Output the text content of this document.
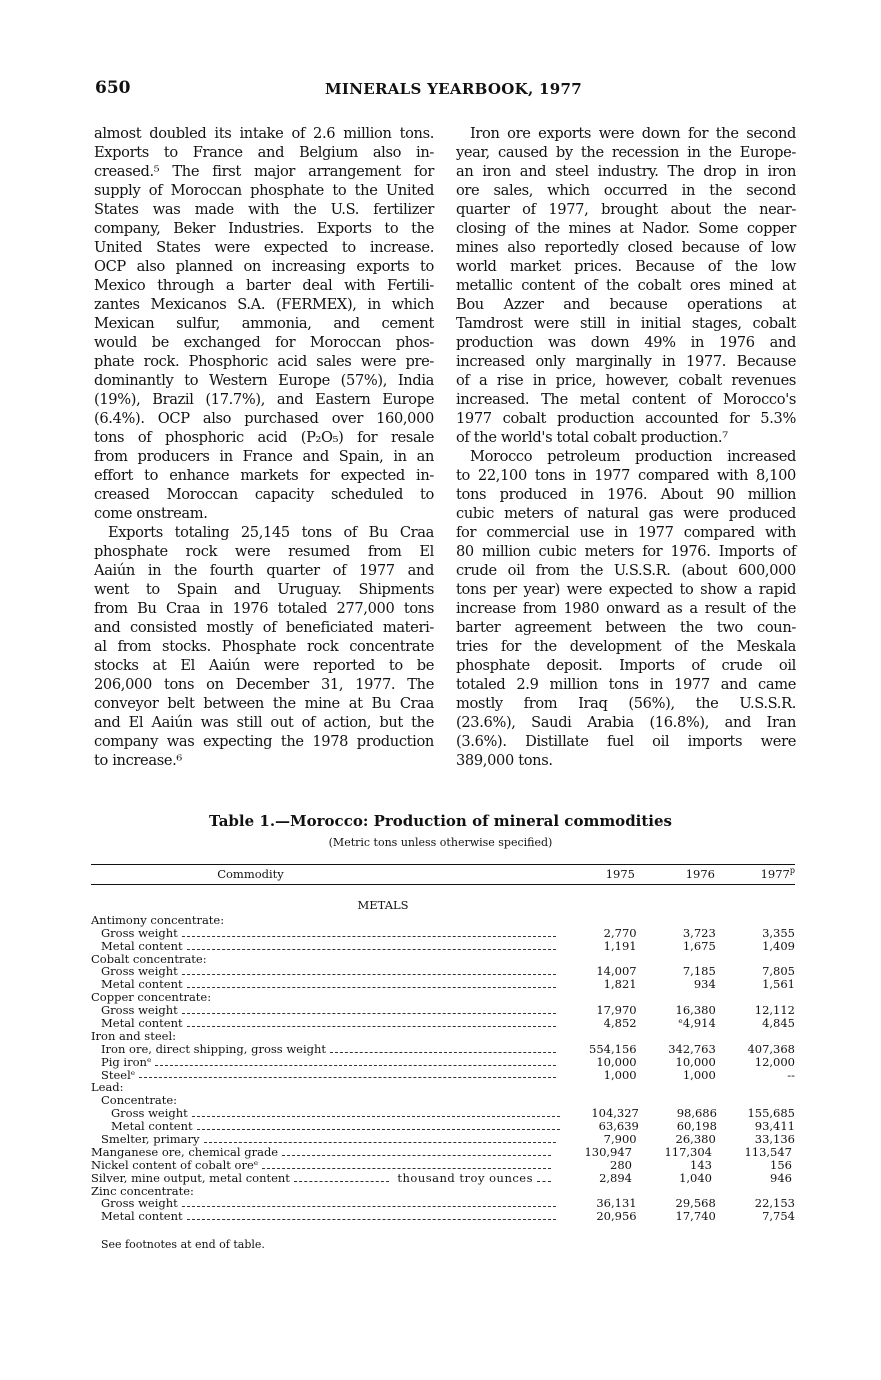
650	MINERALS YEARBOOK, 1977
almost doubled its intake of 2.6 million tons.
Exports to France and Belgium also in-
creased.⁵ The first major arrangement for
supply of Moroccan phosphate to the United
States was made with the U.S. fertilizer
company, Beker Industries. Exports to the
United States were expected to increase.
OCP also planned on increasing exports to
Mexico through a barter deal with Fertili-
zantes Mexicanos S.A. (FERMEX), in which
Mexican sulfur, ammonia, and cement
would be exchanged for Moroccan phos-
phate rock. Phosphoric acid sales were pre-
dominantly to Western Europe (57%), India
(19%), Brazil (17.7%), and Eastern Europe
(6.4%). OCP also purchased over 160,000
tons of phosphoric acid (P₂O₅) for resale
from producers in France and Spain, in an
effort to enhance markets for expected in-
creased Moroccan capacity scheduled to
come onstream.
Exports totaling 25,145 tons of Bu Craa
phosphate rock were resumed from El
Aaiún in the fourth quarter of 1977 and
went to Spain and Uruguay. Shipments
from Bu Craa in 1976 totaled 277,000 tons
and consisted mostly of beneficiated materi-
al from stocks. Phosphate rock concentrate
stocks at El Aaiún were reported to be
206,000 tons on December 31, 1977. The
conveyor belt between the mine at Bu Craa
and El Aaiún was still out of action, but the
company was expecting the 1978 production
to increase.⁶
Iron ore exports were down for the second
year, caused by the recession in the Europe-
an iron and steel industry. The drop in iron
ore sales, which occurred in the second
quarter of 1977, brought about the near-
closing of the mines at Nador. Some copper
mines also reportedly closed because of low
world market prices. Because of the low
metallic content of the cobalt ores mined at
Bou Azzer and because operations at
Tamdrost were still in initial stages, cobalt
production was down 49% in 1976 and
increased only marginally in 1977. Because
of a rise in price, however, cobalt revenues
increased. The metal content of Morocco's
1977 cobalt production accounted for 5.3%
of the world's total cobalt production.⁷
Morocco petroleum production increased
to 22,100 tons in 1977 compared with 8,100
tons produced in 1976. About 90 million
cubic meters of natural gas were produced
for commercial use in 1977 compared with
80 million cubic meters for 1976. Imports of
crude oil from the U.S.S.R. (about 600,000
tons per year) were expected to show a rapid
increase from 1980 onward as a result of the
barter agreement between the two coun-
tries for the development of the Meskala
phosphate deposit. Imports of crude oil
totaled 2.9 million tons in 1977 and came
mostly from Iraq (56%), the U.S.S.R.
(23.6%), Saudi Arabia (16.8%), and Iran
(3.6%). Distillate fuel oil imports were
389,000 tons.
Table 1.—Morocco: Production of mineral commodities
(Metric tons unless otherwise specified)
Commodity	1975	1976	1977$^p$
METALS
Antimony concentrate:
Gross weight	2,770	3,723	3,355
Metal content	1,191	1,675	1,409
Cobalt concentrate:
Gross weight	14,007	7,185	7,805
Metal content	1,821	934	1,561
Copper concentrate:
Gross weight	17,970	16,380	12,112
Metal content	4,852	ᵉ4,914	4,845
Iron and steel:
Iron ore, direct shipping, gross weight	554,156	342,763	407,368
Pig ironᵉ	10,000	10,000	12,000
Steelᵉ	1,000	1,000	--
Lead:
Concentrate:
Gross weight	104,327	98,686	155,685
Metal content	63,639	60,198	93,411
Smelter, primary	7,900	26,380	33,136
Manganese ore, chemical grade	130,947	117,304	113,547
Nickel content of cobalt oreᵉ	280	143	156
Silver, mine output, metal content	thousand troy ounces	2,894	1,040	946
Zinc concentrate:
Gross weight	36,131	29,568	22,153
Metal content	20,956	17,740	7,754
See footnotes at end of table.
